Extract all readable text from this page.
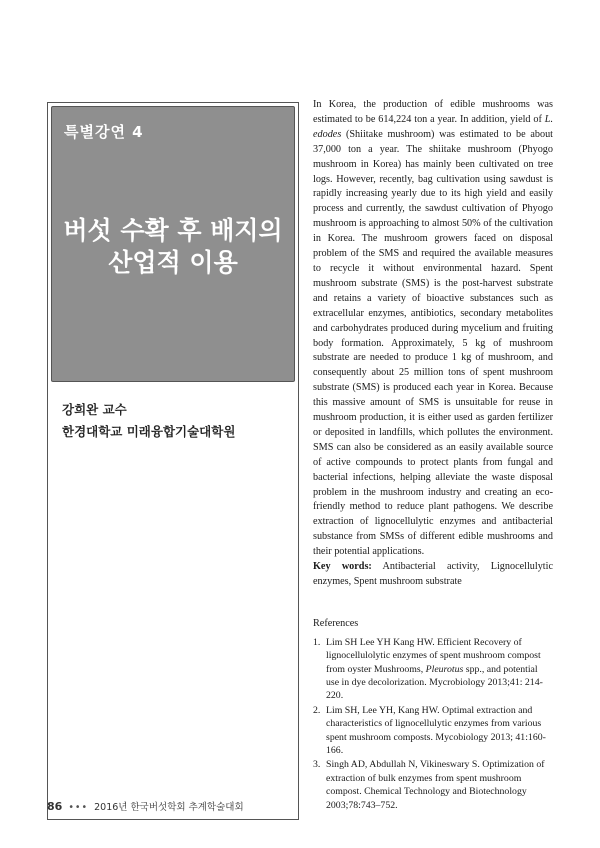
특별강연 4
버섯 수확 후 배지의
산업적 이용
강희완 교수
한경대학교 미래융합기술대학원

In Korea, the production of edible mushrooms was estimated to be 614,224 ton a year. In addition, yield of L. edodes (Shiitake mushroom) was estimated to be about 37,000 ton a year. The shiitake mushroom (Phyogo mushroom in Korea) has mainly been cultivated on tree logs. However, recently, bag cultivation using sawdust is rapidly increasing yearly due to its high yield and easily process and currently, the sawdust cultivation of Phyogo mushroom is approaching to almost 50% of the cultivation in Korea. The mushroom growers faced on disposal problem of the SMS and required the available measures to recycle it without environmental hazard. Spent mushroom substrate (SMS) is the post-harvest substrate and retains a variety of bioactive substances such as extracellular enzymes, antibiotics, secondary metabolites and carbohydrates produced during mycelium and fruiting body formation. Approximately, 5 kg of mushroom substrate are needed to produce 1 kg of mushroom, and consequently about 25 million tons of spent mushroom substrate (SMS) is produced each year in Korea. Because this massive amount of SMS is unsuitable for reuse in mushroom production, it is either used as garden fertilizer or deposited in landfills, which pollutes the environment. SMS can also be considered as an easily available source of active compounds to protect plants from fungal and bacterial infections, helping alleviate the waste disposal problem in the mushroom industry and creating an eco- friendly method to reduce plant pathogens. We describe extraction of lignocellulytic enzymes and antibacterial substance from SMSs of different edible mushrooms and their potential applications.

Key words: Antibacterial activity, Lignocellulytic enzymes, Spent mushroom substrate

References
1. Lim SH Lee YH Kang HW. Efficient Recovery of lignocellulolytic enzymes of spent mushroom compost from oyster Mushrooms, Pleurotus spp., and potential use in dye decolorization. Mycrobiology 2013;41: 214-220.
2. Lim SH, Lee YH, Kang HW. Optimal extraction and characteristics of lignocellulytic enzymes from various spent mushroom composts. Mycobiology 2013; 41:160-166.
3. Singh AD, Abdullah N, Vikineswary S. Optimization of extraction of bulk enzymes from spent mushroom compost. Chemical Technology and Biotechnology 2003;78:743–752.
86 ••• 2016년 한국버섯학회 추계학술대회
